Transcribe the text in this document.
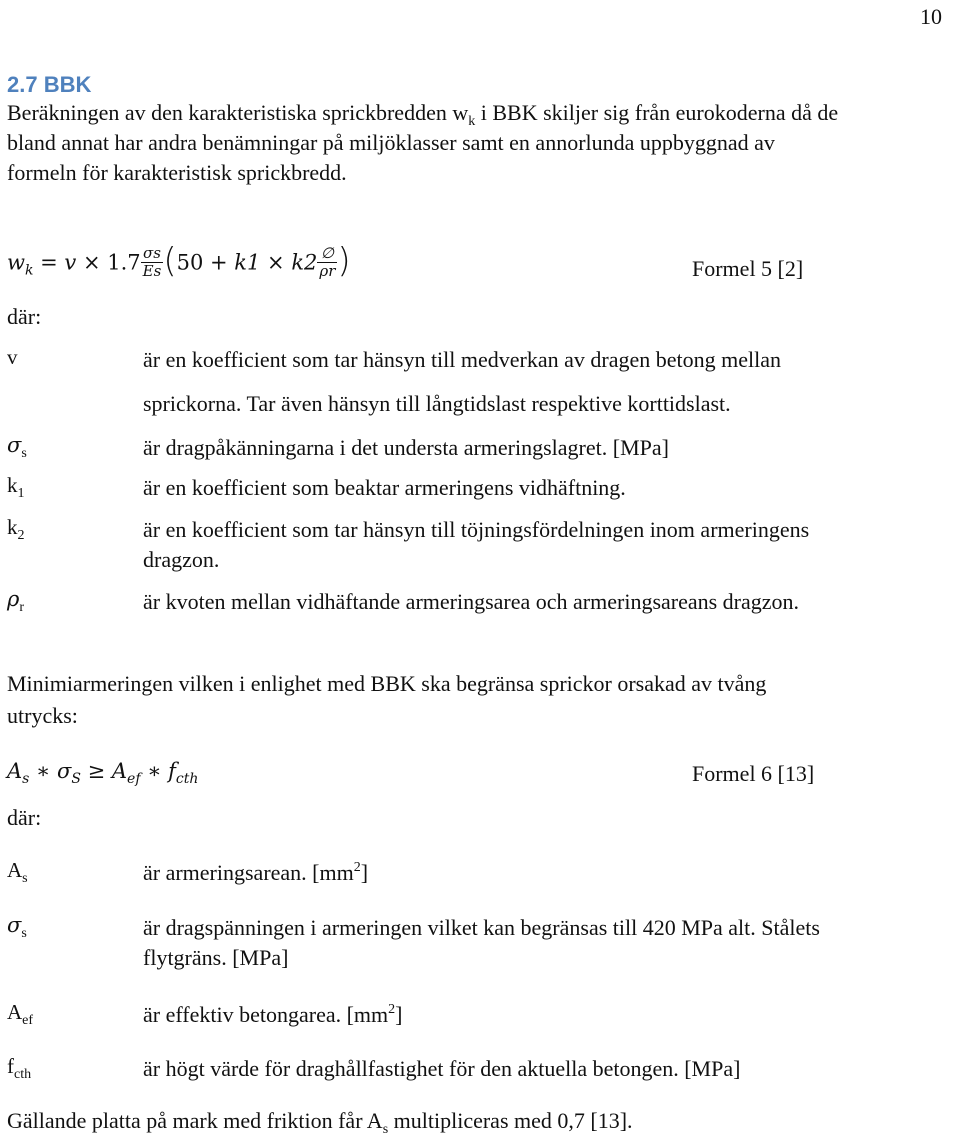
10
2.7 BBK
Beräkningen av den karakteristiska sprickbredden $w_k$ i BBK skiljer sig från eurokoderna då de
bland annat har andra benämningar på miljöklasser samt en annorlunda uppbyggnad av
formeln för karakteristisk sprickbredd.
$w_k = v \times 1.7 \frac{\sigma s}{Es} (50 + k1 \times k2 \frac{\emptyset}{\rho r}$ )	Formel 5 [2]
där:
v	är en koefficient som tar hänsyn till medverkan av dragen betong mellan
sprickorna. Tar även hänsyn till långtidslast respektive korttidslast.
$\sigma_s$	är dragpåkänningarna i det understa armeringslagret. [MPa]
$k_1$	är en koefficient som beaktar armeringens vidhäftning.
$k_2$	är en koefficient som tar hänsyn till töjningsfördelningen inom armeringens
dragzon.
$\rho_r$	är kvoten mellan vidhäftande armeringsarea och armeringsareans dragzon.
Minimiarmeringen vilken i enlighet med BBK ska begränsa sprickor orsakad av tvång
utrycks:
$A_s$ ∗ $\sigma_S \ge A_{ef}$ ∗ $f_{cth}$	Formel 6 [13]
där:
$A_s$	är armeringsarean. $[mm^2]$
$\sigma_s$	är dragspänningen i armeringen vilket kan begränsas till 420 MPa alt. Stålets
flytgräns. [MPa]
$A_{ef}$	är effektiv betongarea. $[mm^2]$
$f_{cth}$	är högt värde för draghållfastighet för den aktuella betongen. [MPa]
Gällande platta på mark med friktion får $A_s$ multipliceras med 0,7 [13].
